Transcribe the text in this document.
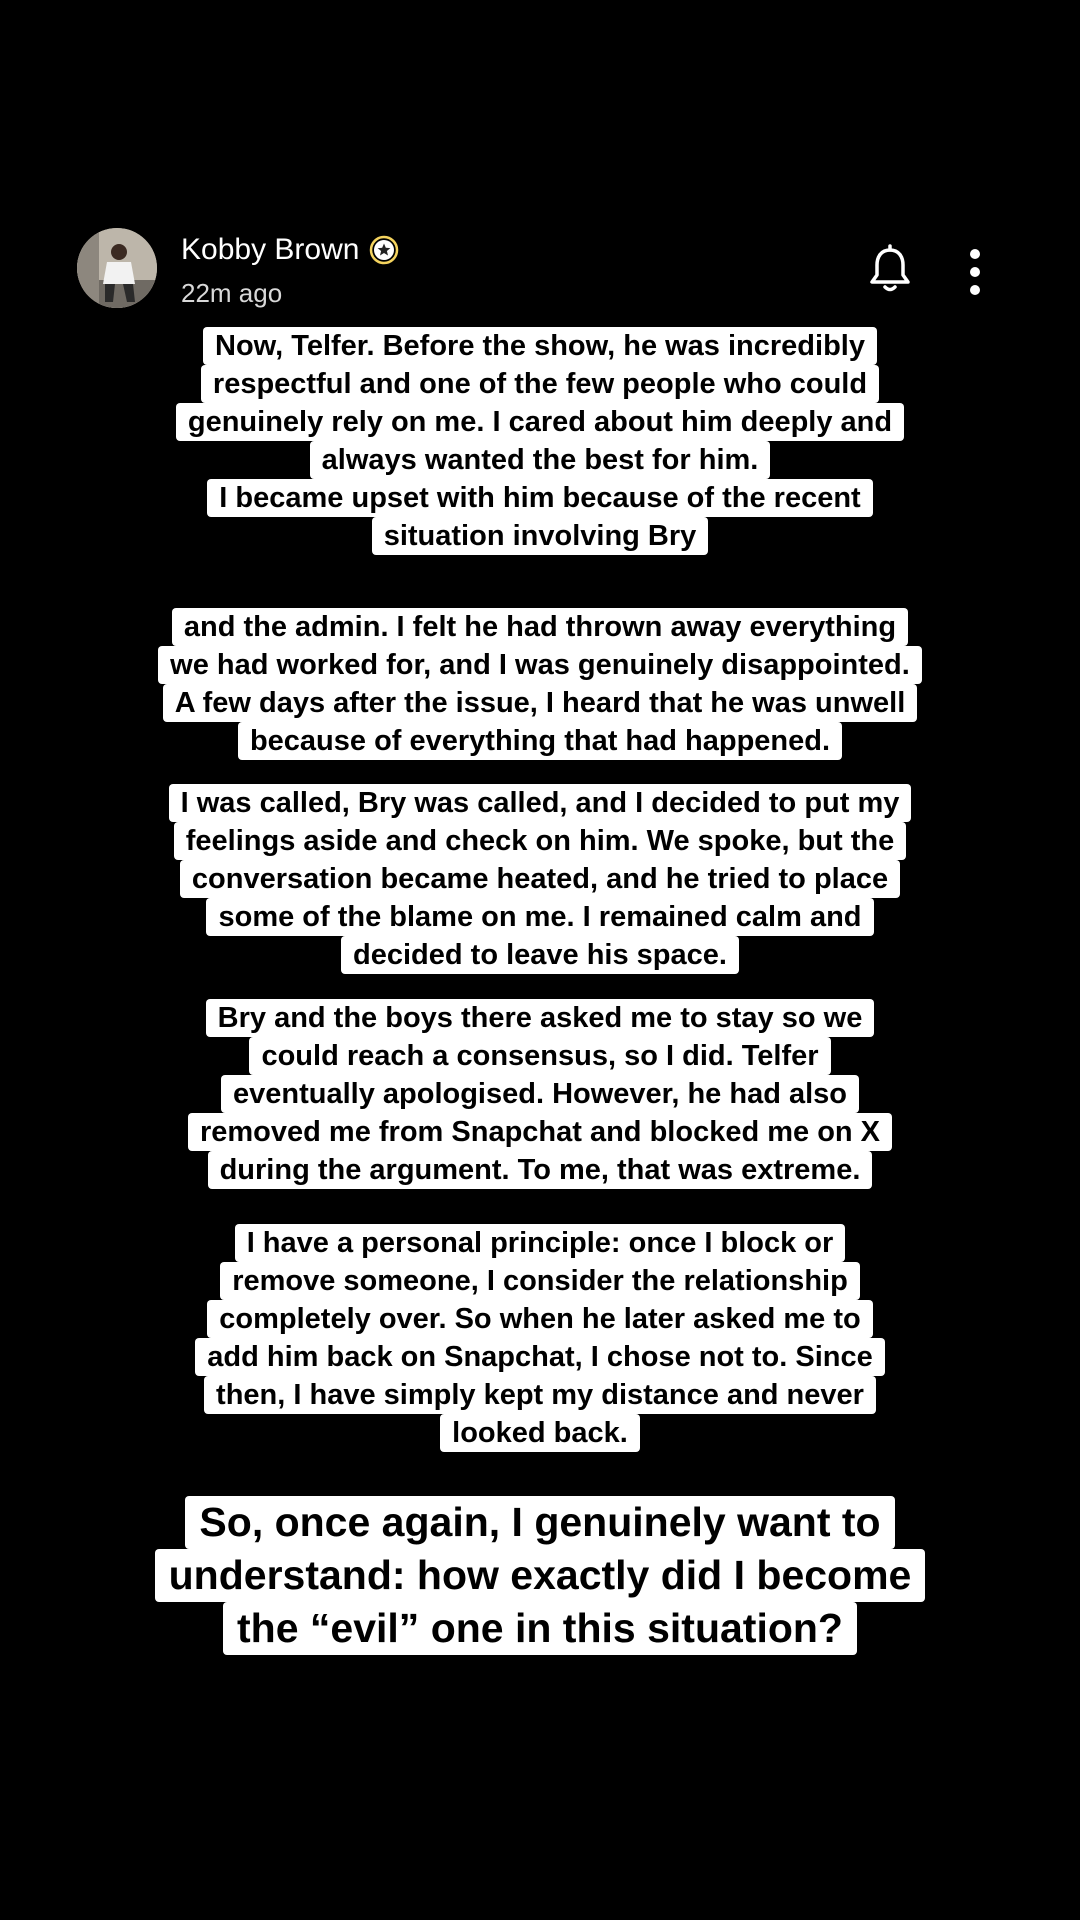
Kobby Brown
22m ago
Now, Telfer. Before the show, he was incredibly
respectful and one of the few people who could
genuinely rely on me. I cared about him deeply and
always wanted the best for him.
I became upset with him because of the recent
situation involving Bry
and the admin. I felt he had thrown away everything
we had worked for, and I was genuinely disappointed.
A few days after the issue, I heard that he was unwell
because of everything that had happened.
I was called, Bry was called, and I decided to put my
feelings aside and check on him. We spoke, but the
conversation became heated, and he tried to place
some of the blame on me. I remained calm and
decided to leave his space.
Bry and the boys there asked me to stay so we
could reach a consensus, so I did. Telfer
eventually apologised. However, he had also
removed me from Snapchat and blocked me on X
during the argument. To me, that was extreme.
I have a personal principle: once I block or
remove someone, I consider the relationship
completely over. So when he later asked me to
add him back on Snapchat, I chose not to. Since
then, I have simply kept my distance and never
looked back.
So, once again, I genuinely want to
understand: how exactly did I become
the “evil” one in this situation?
